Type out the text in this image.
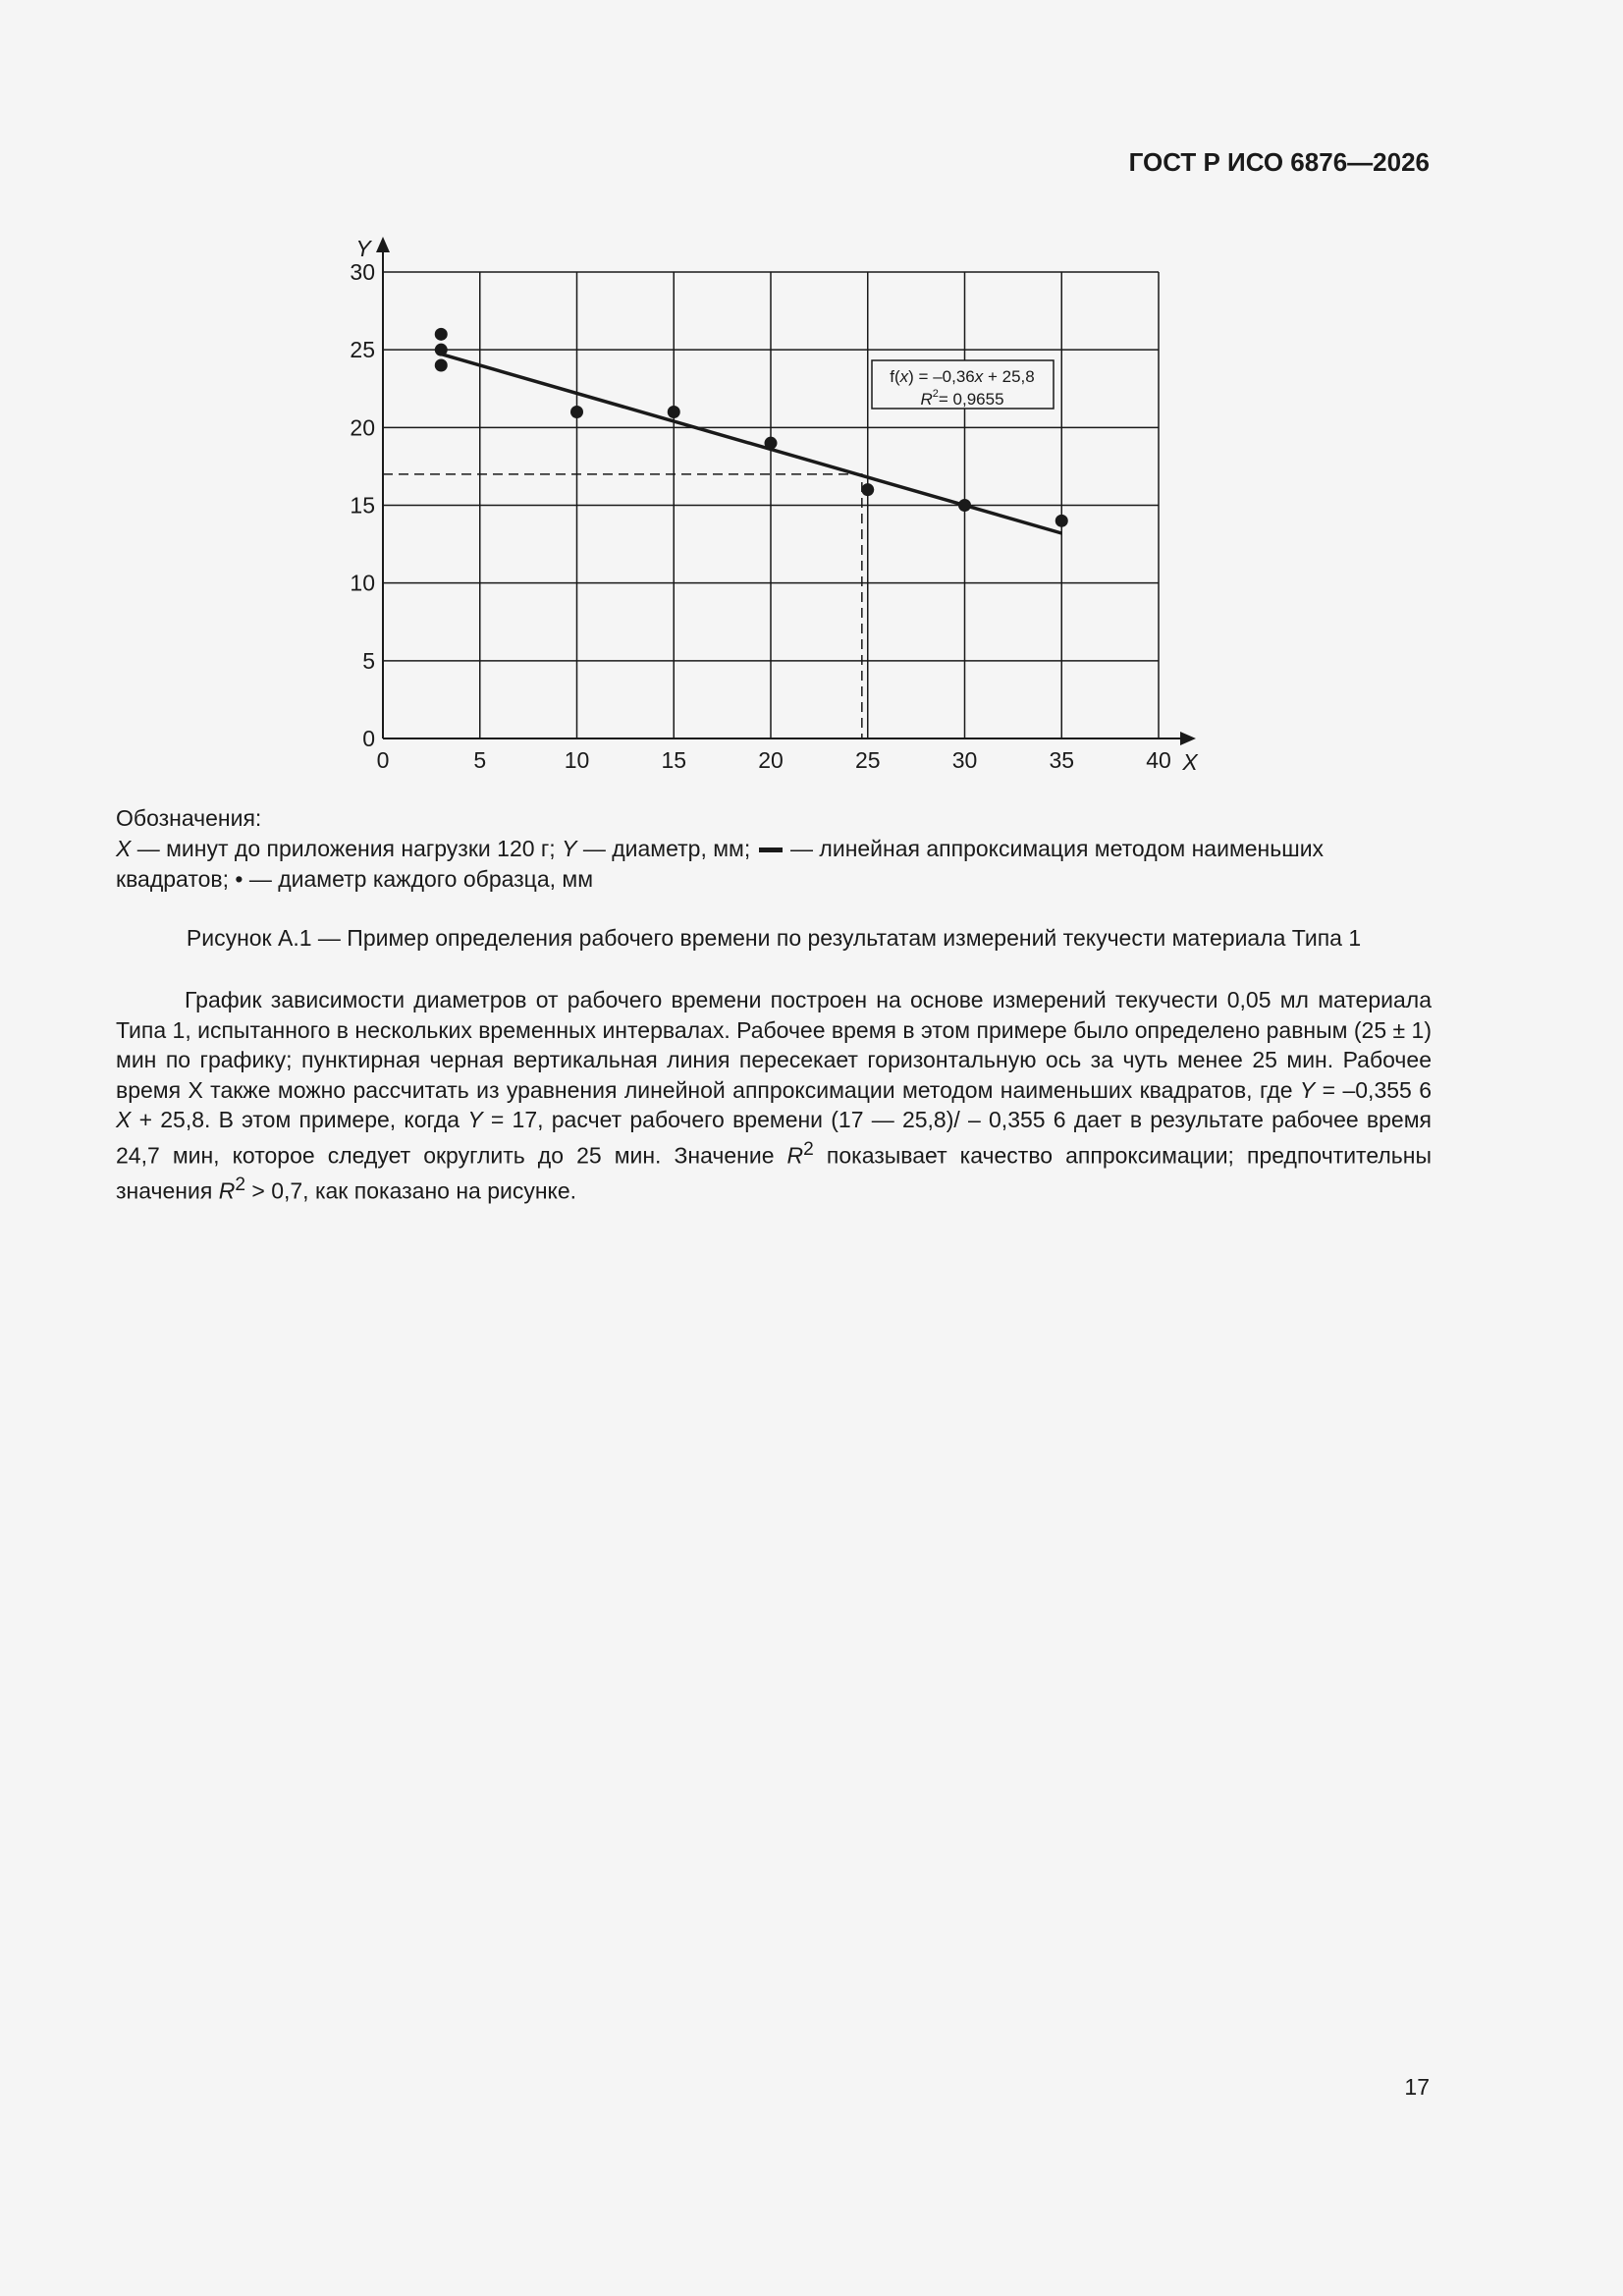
ГОСТ Р ИСО 6876—2026
0	5	10	15	20	25	30	35	40
0
5
10
15
20
25
30
X
Y
f(x) = –0,36x + 25,8
$R^2= 0,9655$
Обозначения:
X — минут до приложения нагрузки 120 г; Y — диаметр, мм;  — линейная аппроксимация методом наименьших квадратов; • — диаметр каждого образца, мм
Рисунок А.1 — Пример определения рабочего времени по результатам измерений текучести материала Типа 1

График зависимости диаметров от рабочего времени построен на основе измерений текучести 0,05 мл материала Типа 1, испытанного в нескольких временных интервалах. Рабочее время в этом примере было определено равным (25 ± 1) мин по графику; пунктирная черная вертикальная линия пересекает горизонтальную ось за чуть менее 25 мин. Рабочее время Х также можно рассчитать из уравнения линейной аппроксимации методом наименьших квадратов, где Y = –0,355 6 X + 25,8. В этом примере, когда Y = 17, расчет рабочего времени (17 — 25,8)/ – 0,355 6 дает в результате рабочее время 24,7 мин, которое следует округлить до 25 мин. Значение $R^2$ показывает качество аппроксимации; предпочтительны значения $R^2 > 0,7$, как показано на рисунке.

17
